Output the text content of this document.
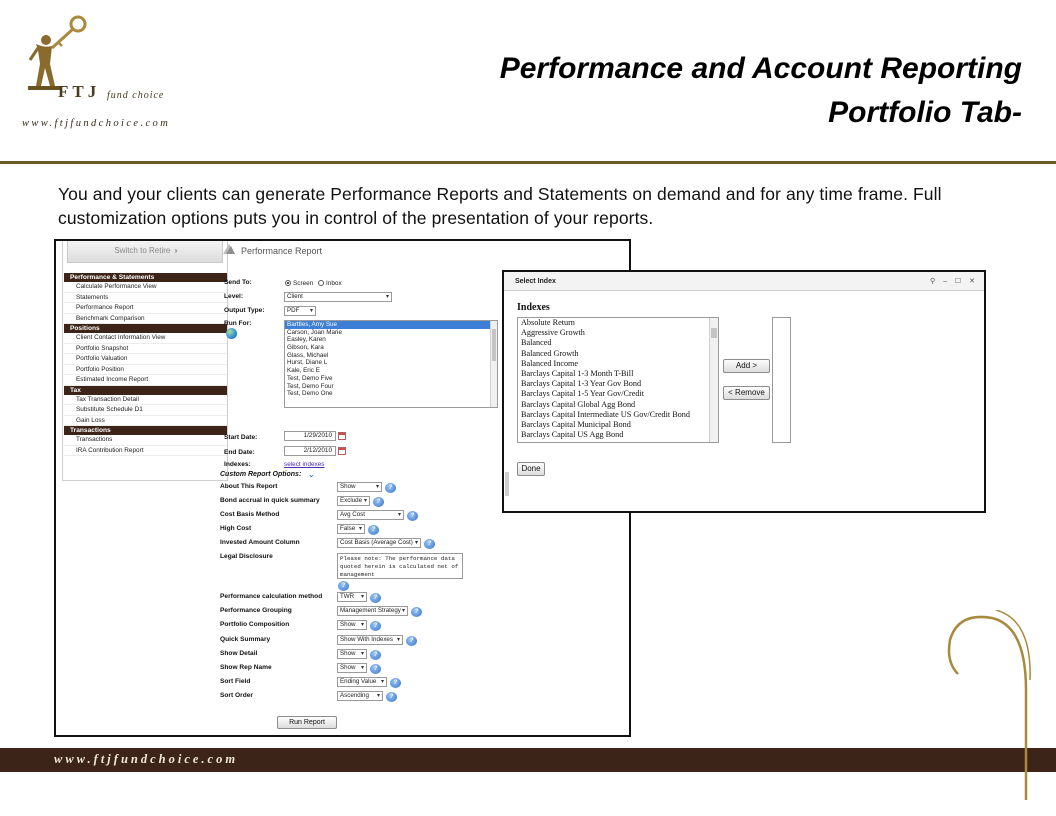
FTJ fund choice
www.ftjfundchoice.com
Performance and Account Reporting
Portfolio Tab-
You and your clients can generate Performance Reports and Statements on demand and for any time frame. Full customization options puts you in control of the presentation of your reports.
Switch to Retire ››
Performance & Statements
Calculate Performance View
Statements
Performance Report
Benchmark Comparison
Positions
Client Contact Information View
Portfolio Snapshot
Portfolio Valuation
Portfolio Position
Estimated Income Report
Tax
Tax Transaction Detail
Substitute Schedule D1
Gain Loss
Transactions
Transactions
IRA Contribution Report
Performance Report
Send To:	Screen Inbox
Level:	Client ▾
Output Type:	PDF ▾
Run For:	Barttles, Amy Sue
Carson, Joan Marie
Easley, Karen
Gibson, Kara
Glass, Michael
Hurst, Diane L
Kale, Eric E
Test, Demo Five
Test, Demo Four
Test, Demo One
Start Date:	1/29/2010
End Date:	2/12/2010
Indexes:	select indexes
Custom Report Options: ⌄
About This Report	Show ▾	?
Bond accrual in quick summary	Exclude ▾	?
Cost Basis Method	Avg Cost ▾	?
High Cost	False ▾	?
Invested Amount Column	Cost Basis (Average Cost) ▾	?
Legal Disclosure	Please note: The performance data quoted herein is calculated net of management
?
Performance calculation method	TWR ▾	?
Performance Grouping	Management Strategy ▾	?
Portfolio Composition	Show ▾	?
Quick Summary	Show With Indexes ▾	?
Show Detail	Show ▾	?
Show Rep Name	Show ▾	?
Sort Field	Ending Value ▾	?
Sort Order	Ascending ▾	?
Run Report
Select Index	⚲ – ☐ ✕
Indexes
Absolute Return
Aggressive Growth
Balanced
Balanced Growth
Balanced Income
Barclays Capital 1-3 Month T-Bill
Barclays Capital 1-3 Year Gov Bond
Barclays Capital 1-5 Year Gov/Credit
Barclays Capital Global Agg Bond
Barclays Capital Intermediate US Gov/Credit Bond
Barclays Capital Municipal Bond
Barclays Capital US Agg Bond
Add >
< Remove
Done
www.ftjfundchoice.com
